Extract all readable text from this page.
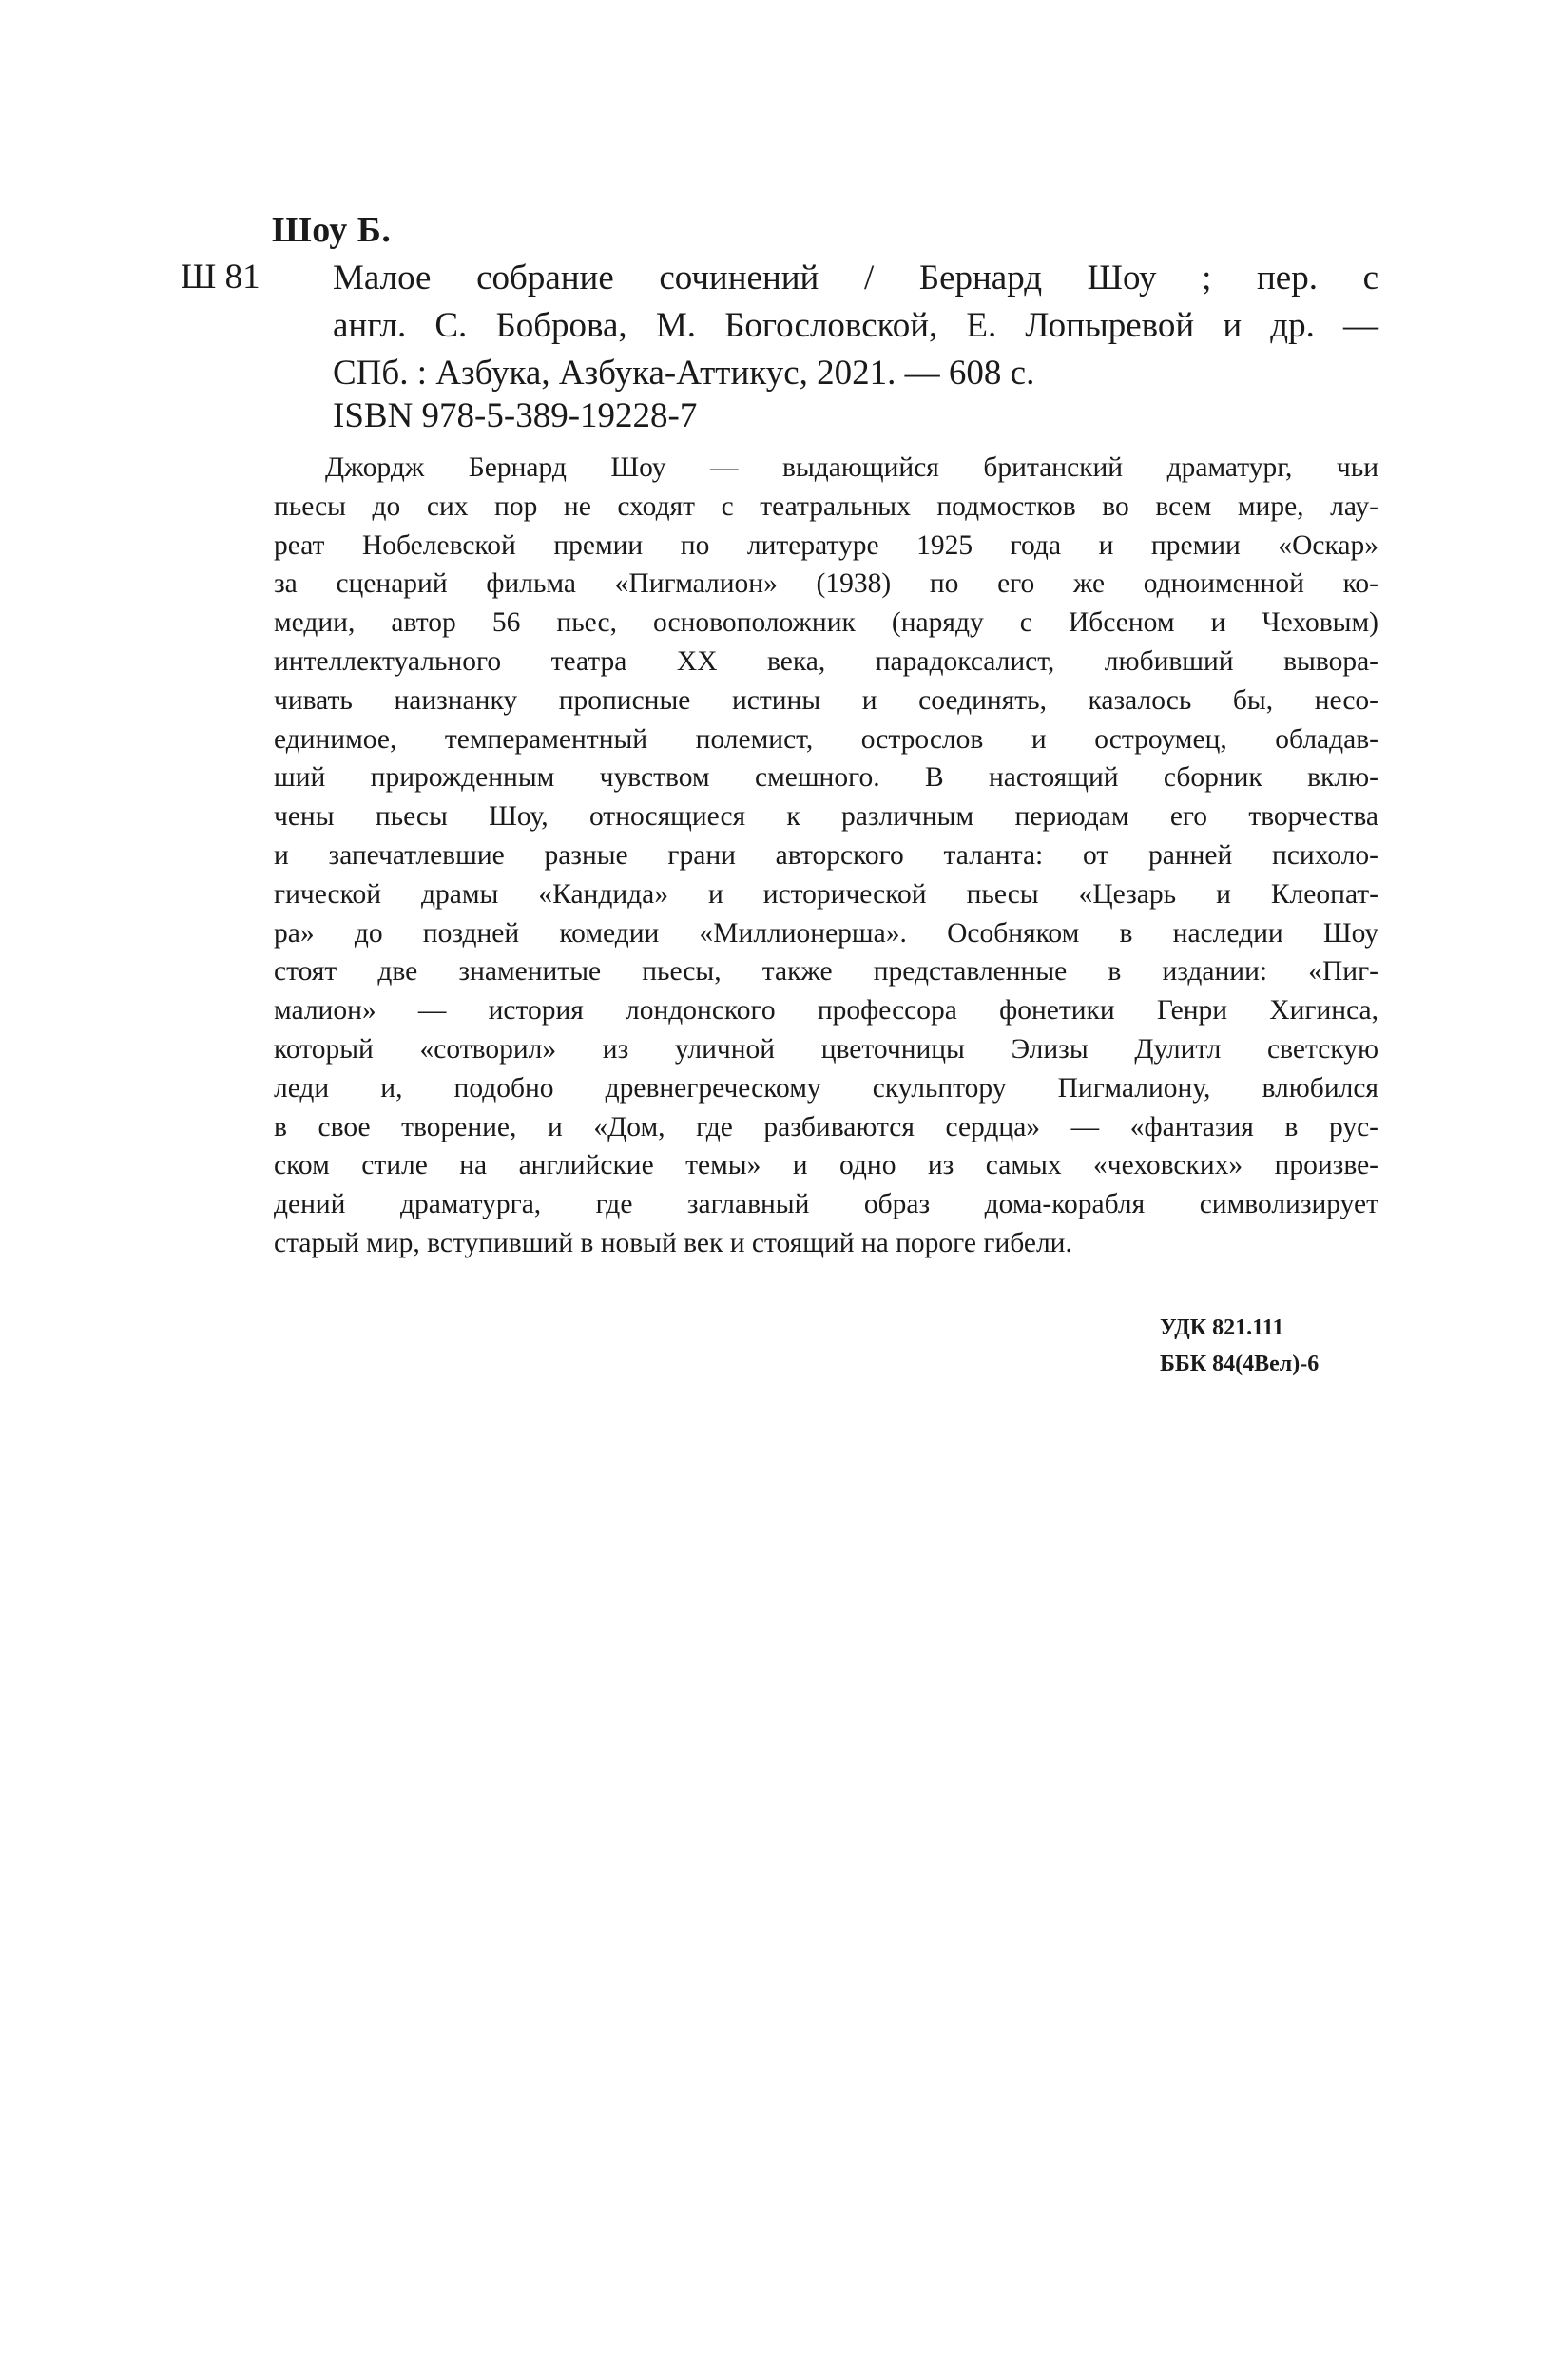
Шоу Б.
Ш 81 Малое собрание сочинений / Бернард Шоу ; пер. с
англ. С. Боброва, М. Богословской, Е. Лопыревой и др. —
СПб. : Азбука, Азбука-Аттикус, 2021. — 608 с.
ISBN 978-5-389-19228-7
Джордж Бернард Шоу — выдающийся британский драматург, чьи
пьесы до сих пор не сходят с театральных подмостков во всем мире, лау-
реат Нобелевской премии по литературе 1925 года и премии «Оскар»
за сценарий фильма «Пигмалион» (1938) по его же одноименной ко-
медии, автор 56 пьес, основоположник (наряду с Ибсеном и Чеховым)
интеллектуального театра XX века, парадоксалист, любивший вывора-
чивать наизнанку прописные истины и соединять, казалось бы, несо-
единимое, темпераментный полемист, острослов и остроумец, обладав-
ший прирожденным чувством смешного. В настоящий сборник вклю-
чены пьесы Шоу, относящиеся к различным периодам его творчества
и запечатлевшие разные грани авторского таланта: от ранней психоло-
гической драмы «Кандида» и исторической пьесы «Цезарь и Клеопат-
ра» до поздней комедии «Миллионерша». Особняком в наследии Шоу
стоят две знаменитые пьесы, также представленные в издании: «Пиг-
малион» — история лондонского профессора фонетики Генри Хигинса,
который «сотворил» из уличной цветочницы Элизы Дулитл светскую
леди и, подобно древнегреческому скульптору Пигмалиону, влюбился
в свое творение, и «Дом, где разбиваются сердца» — «фантазия в рус-
ском стиле на английские темы» и одно из самых «чеховских» произве-
дений драматурга, где заглавный образ дома-корабля символизирует
старый мир, вступивший в новый век и стоящий на пороге гибели.
УДК 821.111
ББК 84(4Вел)-6
